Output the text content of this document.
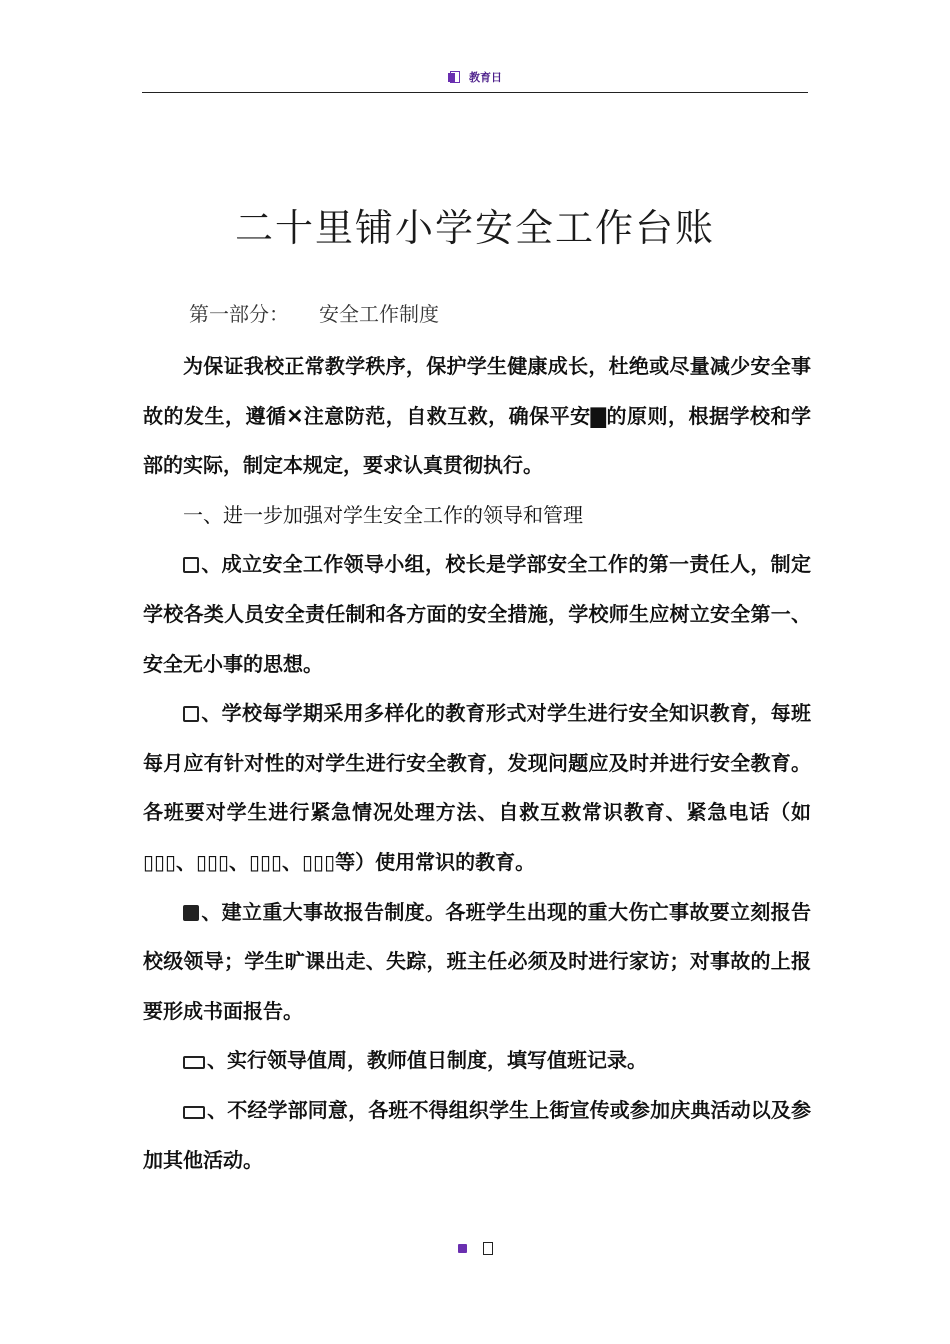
教育日
二十里铺小学安全工作台账
第一部分： 安全工作制度

为保证我校正常教学秩序，保护学生健康成长，杜绝或尽量减少安全事故的发生，遵循✕注意防范，自救互救，确保平安▇的原则，根据学校和学部的实际，制定本规定，要求认真贯彻执行。

一、进一步加强对学生安全工作的领导和管理

、成立安全工作领导小组，校长是学部安全工作的第一责任人，制定学校各类人员安全责任制和各方面的安全措施，学校师生应树立安全第一、安全无小事的思想。

、学校每学期采用多样化的教育形式对学生进行安全知识教育，每班每月应有针对性的对学生进行安全教育，发现问题应及时并进行安全教育。各班要对学生进行紧急情况处理方法、自救互救常识教育、紧急电话（如▯▯▯、▯▯▯、▯▯▯、▯▯▯等）使用常识的教育。

、建立重大事故报告制度。各班学生出现的重大伤亡事故要立刻报告校级领导；学生旷课出走、失踪，班主任必须及时进行家访；对事故的上报要形成书面报告。

、实行领导值周，教师值日制度，填写值班记录。

、不经学部同意，各班不得组织学生上街宣传或参加庆典活动以及参加其他活动。
